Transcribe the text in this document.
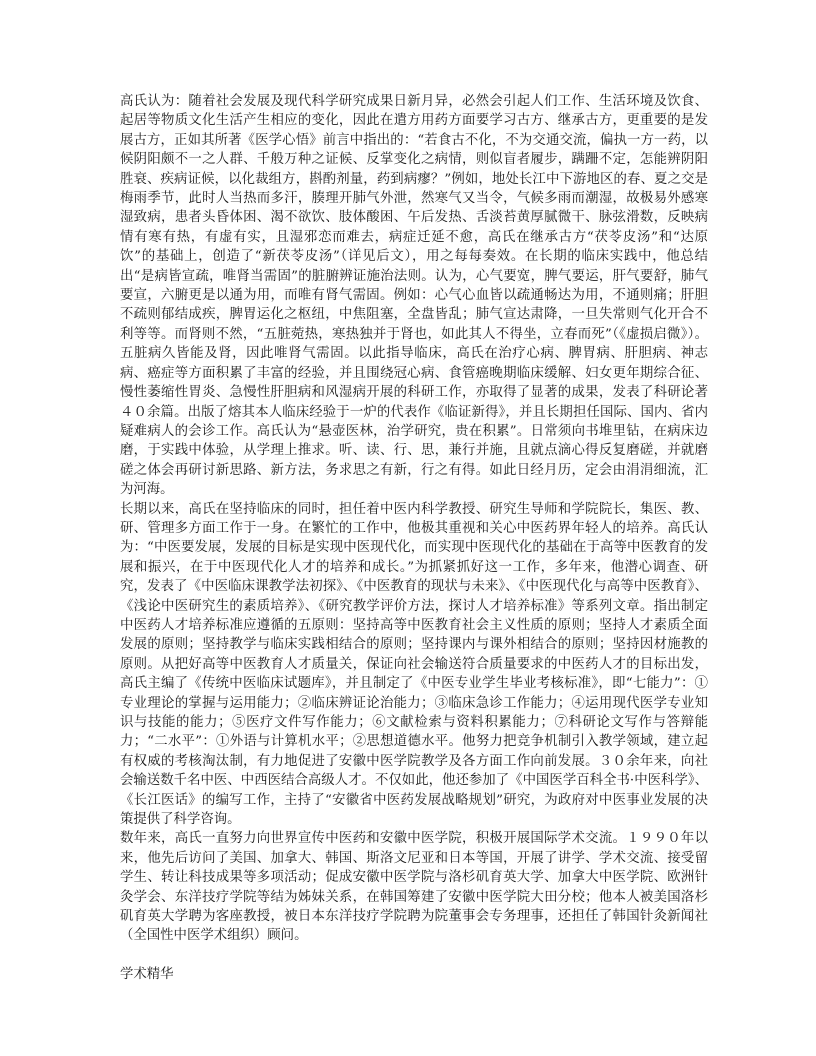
高氏认为：随着社会发展及现代科学研究成果日新月异，必然会引起人们工作、生活环境及饮食、起居等物质文化生活产生相应的变化，因此在遣方用药方面要学习古方、继承古方，更重要的是发展古方，正如其所著《医学心悟》前言中指出的：“若食古不化，不为交通交流，偏执一方一药，以候阴阳颇不一之人群、千般万种之证候、反掌变化之病情，则似盲者履步，蹒跚不定，怎能辨阴阳胜衰、疾病证候，以化裁组方，斟酌剂量，药到病瘳？”例如，地处长江中下游地区的春、夏之交是梅雨季节，此时人当热而多汗，腠理开肺气外泄，然寒气又当令，气候多雨而潮湿，故极易外感寒湿致病，患者头昏体困、渴不欲饮、肢体酸困、午后发热、舌淡苔黄厚腻微干、脉弦滑数，反映病情有寒有热，有虚有实，且湿邪恋而难去，病症迁延不愈，高氏在继承古方“茯苓皮汤”和“达原饮”的基础上，创造了“新茯苓皮汤”（详见后文），用之每每奏效。在长期的临床实践中，他总结出“是病皆宣疏，唯肾当需固”的脏腑辨证施治法则。认为，心气要宽，脾气要运，肝气要舒，肺气要宣，六腑更是以通为用，而唯有肾气需固。例如：心气心血皆以疏通畅达为用，不通则痛；肝胆不疏则郁结成疾，脾胃运化之枢纽，中焦阻塞，全盘皆乱；肺气宣达肃降，一旦失常则气化开合不利等等。而肾则不然，“五脏菀热，寒热独并于肾也，如此其人不得坐，立春而死”（《虚损启微》）。五脏病久皆能及肾，因此唯肾气需固。以此指导临床，高氏在治疗心病、脾胃病、肝胆病、神志病、癌症等方面积累了丰富的经验，并且围绕冠心病、食管癌晚期临床缓解、妇女更年期综合征、慢性萎缩性胃炎、急慢性肝胆病和风湿病开展的科研工作，亦取得了显著的成果，发表了科研论著４０余篇。出版了熔其本人临床经验于一炉的代表作《临证新得》，并且长期担任国际、国内、省内疑难病人的会诊工作。高氏认为“悬壶医林，治学研究，贵在积累”。日常须向书堆里钻，在病床边磨，于实践中体验，从学理上推求。听、读、行、思，兼行并施，且就点滴心得反复磨磋，并就磨磋之体会再研讨新思路、新方法，务求思之有新，行之有得。如此日经月历，定会由涓涓细流，汇为河海。

长期以来，高氏在坚持临床的同时，担任着中医内科学教授、研究生导师和学院院长，集医、教、研、管理多方面工作于一身。在繁忙的工作中，他极其重视和关心中医药界年轻人的培养。高氏认为：“中医要发展，发展的目标是实现中医现代化，而实现中医现代化的基础在于高等中医教育的发展和振兴，在于中医现代化人才的培养和成长。”为抓紧抓好这一工作，多年来，他潜心调查、研究，发表了《中医临床课教学法初探》、《中医教育的现状与未来》、《中医现代化与高等中医教育》、《浅论中医研究生的素质培养》、《研究教学评价方法，探讨人才培养标准》等系列文章。指出制定中医药人才培养标准应遵循的五原则：坚持高等中医教育社会主义性质的原则；坚持人才素质全面发展的原则；坚持教学与临床实践相结合的原则；坚持课内与课外相结合的原则；坚持因材施教的原则。从把好高等中医教育人才质量关，保证向社会输送符合质量要求的中医药人才的目标出发，高氏主编了《传统中医临床试题库》，并且制定了《中医专业学生毕业考核标准》，即“七能力”：①专业理论的掌握与运用能力；②临床辨证论治能力；③临床急诊工作能力；④运用现代医学专业知识与技能的能力；⑤医疗文件写作能力；⑥文献检索与资料积累能力；⑦科研论文写作与答辩能力；“二水平”：①外语与计算机水平；②思想道德水平。他努力把竞争机制引入教学领域，建立起有权威的考核淘汰制，有力地促进了安徽中医学院教学及各方面工作向前发展。３０余年来，向社会输送数千名中医、中西医结合高级人才。不仅如此，他还参加了《中国医学百科全书·中医科学》、《长江医话》的编写工作，主持了“安徽省中医药发展战略规划”研究，为政府对中医事业发展的决策提供了科学咨询。

数年来，高氏一直努力向世界宣传中医药和安徽中医学院，积极开展国际学术交流。１９９０年以来，他先后访问了美国、加拿大、韩国、斯洛文尼亚和日本等国，开展了讲学、学术交流、接受留学生、转让科技成果等多项活动；促成安徽中医学院与洛杉矶育英大学、加拿大中医学院、欧洲针灸学会、东洋技疗学院等结为姊妹关系，在韩国筹建了安徽中医学院大田分校；他本人被美国洛杉矶育英大学聘为客座教授，被日本东洋技疗学院聘为院董事会专务理事，还担任了韩国针灸新闻社（全国性中医学术组织）顾问。

学术精华
